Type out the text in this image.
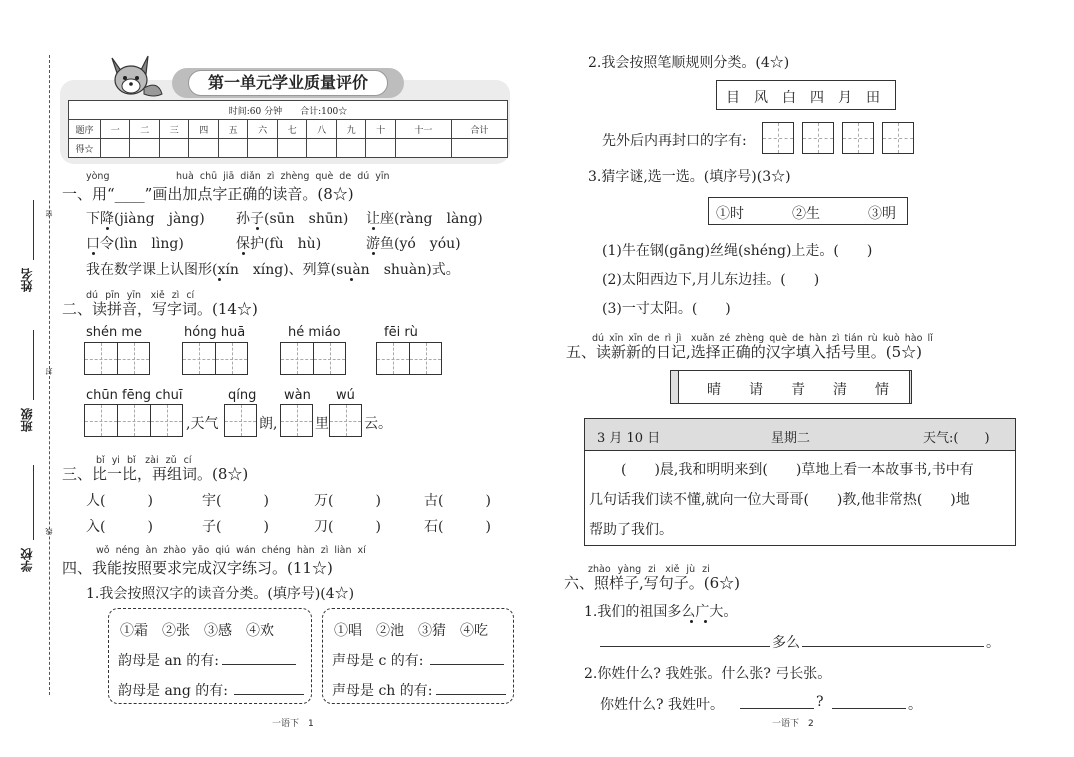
姓名
班级
学校
密
封
线
第一单元学业质量评价
时间:60 分钟　　合计:100☆												
题序	一	二	三	四	五	六	七	八	九	十	十一	合计
得☆												
yòng	huà chū jiā diǎn zì zhèng què de dú yīn
一、用“____”画出加点字正确的读音。(8☆)
下降(jiàng　jàng) 孙子(sūn　shūn) 让座(ràng　làng)
口令(lìn　lìng)	保护(fù　hù)	游鱼(yó　yóu)
我在数学课上认图形(xín　xíng)、列算(suàn　shuàn)式。
dú pīn yīn　xiě zì cí
二、读拼音，写字词。(14☆)
shén me	hóng huā	hé miáo	fēi rù
chūn fēng chuī	qíng wàn wú
,天气	朗,	里	云。
bǐ yi bǐ　zài zǔ cí
三、比一比，再组词。(8☆)
人(　　　)	宇(　　　)	万(　　　)	古(　　　)
入(　　　)	子(　　　)	刀(　　　)	石(　　　)
wǒ néng àn zhào yāo qiú wán chéng hàn zì liàn xí
四、我能按照要求完成汉字练习。(11☆)
1.我会按照汉字的读音分类。(填序号)(4☆)
①霜　②张　③感　④欢
韵母是 an 的有:
韵母是 ang 的有:
①唱　②池　③猜　④吃
声母是 c 的有:
声母是 ch 的有:
2.我会按照笔顺规则分类。(4☆)
目　风　白　四　月　田
先外后内再封口的字有:
3.猜字谜,选一选。(填序号)(3☆)
①时	②生	③明
(1)牛在钢(gāng)丝绳(shéng)上走。(　　)
(2)太阳西边下,月儿东边挂。(　　)
(3)一寸太阳。(　　)
dú xīn xīn de rì jì　xuǎn zé zhèng què de hàn zì tián rù kuò hào lǐ
五、读新新的日记,选择正确的汉字填入括号里。(5☆)
晴 请 青 清 情
3 月 10 日	星期二	天气:(　　)
(　　)晨,我和明明来到(　　)草地上看一本故事书,书中有
几句话我们读不懂,就向一位大哥哥(　　)教,他非常热(　　)地
帮助了我们。
zhào yàng zi　xiě jù zi
六、照样子,写句子。(6☆)
1.我们的祖国多么广大。
多么	。
2.你姓什么? 我姓张。什么张? 弓长张。
你姓什么? 我姓叶。	?	。
一语下　1	一语下　2
